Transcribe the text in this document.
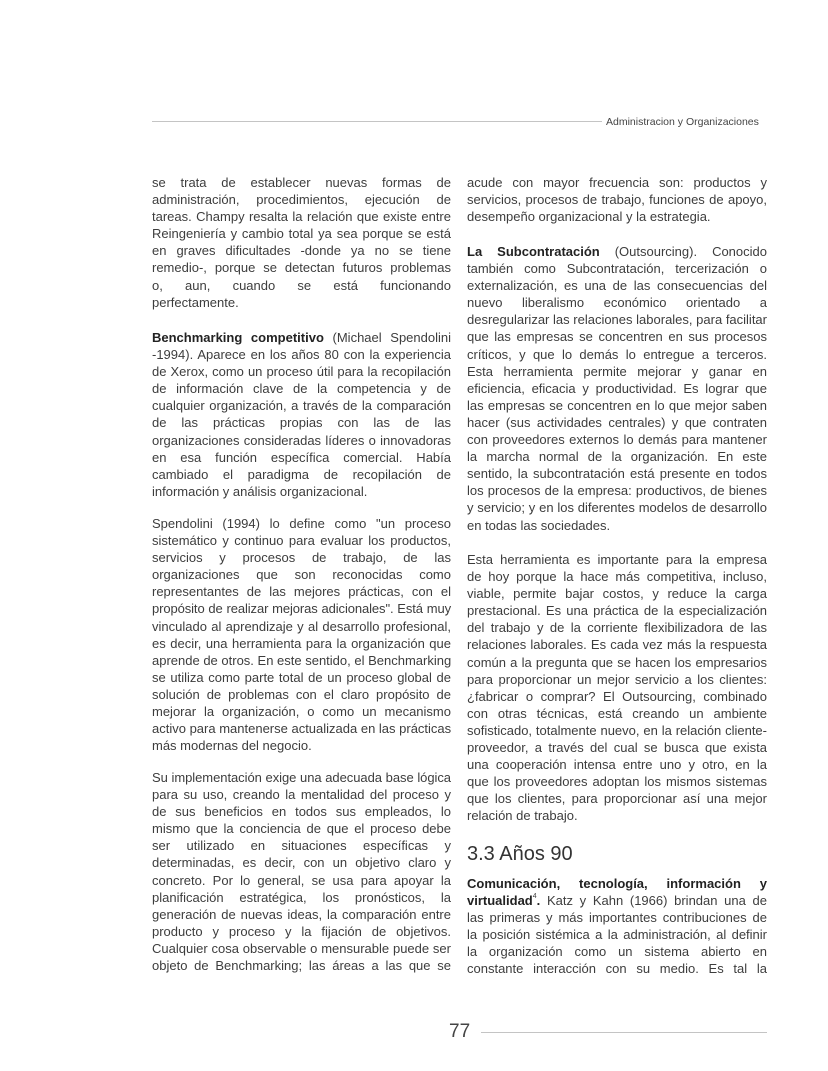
Administracion y Organizaciones
se trata de establecer nuevas formas de
administración, procedimientos, ejecución de
tareas. Champy resalta la relación que existe entre
Reingeniería y cambio total ya sea porque se está
en graves dificultades -donde ya no se tiene
remedio-, porque se detectan futuros problemas
o, aun, cuando se está funcionando
perfectamente.
Benchmarking competitivo (Michael Spendolini
-1994). Aparece en los años 80 con la experiencia
de Xerox, como un proceso útil para la recopilación
de información clave de la competencia y de
cualquier organización, a través de la comparación
de las prácticas propias con las de las
organizaciones consideradas líderes o innovadoras
en esa función específica comercial. Había
cambiado el paradigma de recopilación de
información y análisis organizacional.
Spendolini (1994) lo define como "un proceso
sistemático y continuo para evaluar los productos,
servicios y procesos de trabajo, de las
organizaciones que son reconocidas como
representantes de las mejores prácticas, con el
propósito de realizar mejoras adicionales". Está muy
vinculado al aprendizaje y al desarrollo profesional,
es decir, una herramienta para la organización que
aprende de otros. En este sentido, el Benchmarking
se utiliza como parte total de un proceso global de
solución de problemas con el claro propósito de
mejorar la organización, o como un mecanismo
activo para mantenerse actualizada en las prácticas
más modernas del negocio.
Su implementación exige una adecuada base lógica
para su uso, creando la mentalidad del proceso y
de sus beneficios en todos sus empleados, lo
mismo que la conciencia de que el proceso debe
ser utilizado en situaciones específicas y
determinadas, es decir, con un objetivo claro y
concreto. Por lo general, se usa para apoyar la
planificación estratégica, los pronósticos, la
generación de nuevas ideas, la comparación entre
producto y proceso y la fijación de objetivos.
Cualquier cosa observable o mensurable puede ser
objeto de Benchmarking; las áreas a las que se
acude con mayor frecuencia son: productos y
servicios, procesos de trabajo, funciones de apoyo,
desempeño organizacional y la estrategia.
La Subcontratación (Outsourcing). Conocido
también como Subcontratación, tercerización o
externalización, es una de las consecuencias del
nuevo liberalismo económico orientado a
desregularizar las relaciones laborales, para facilitar
que las empresas se concentren en sus procesos
críticos, y que lo demás lo entregue a terceros.
Esta herramienta permite mejorar y ganar en
eficiencia, eficacia y productividad. Es lograr que
las empresas se concentren en lo que mejor saben
hacer (sus actividades centrales) y que contraten
con proveedores externos lo demás para mantener
la marcha normal de la organización. En este
sentido, la subcontratación está presente en todos
los procesos de la empresa: productivos, de bienes
y servicio; y en los diferentes modelos de desarrollo
en todas las sociedades.
Esta herramienta es importante para la empresa
de hoy porque la hace más competitiva, incluso,
viable, permite bajar costos, y reduce la carga
prestacional. Es una práctica de la especialización
del trabajo y de la corriente flexibilizadora de las
relaciones laborales. Es cada vez más la respuesta
común a la pregunta que se hacen los empresarios
para proporcionar un mejor servicio a los clientes:
¿fabricar o comprar? El Outsourcing, combinado
con otras técnicas, está creando un ambiente
sofisticado, totalmente nuevo, en la relación cliente-
proveedor, a través del cual se busca que exista
una cooperación intensa entre uno y otro, en la
que los proveedores adoptan los mismos sistemas
que los clientes, para proporcionar así una mejor
relación de trabajo.
3.3 Años 90
Comunicación, tecnología, información y
virtualidad$^4$. Katz y Kahn (1966) brindan una de
las primeras y más importantes contribuciones de
la posición sistémica a la administración, al definir
la organización como un sistema abierto en
constante interacción con su medio. Es tal la
77
